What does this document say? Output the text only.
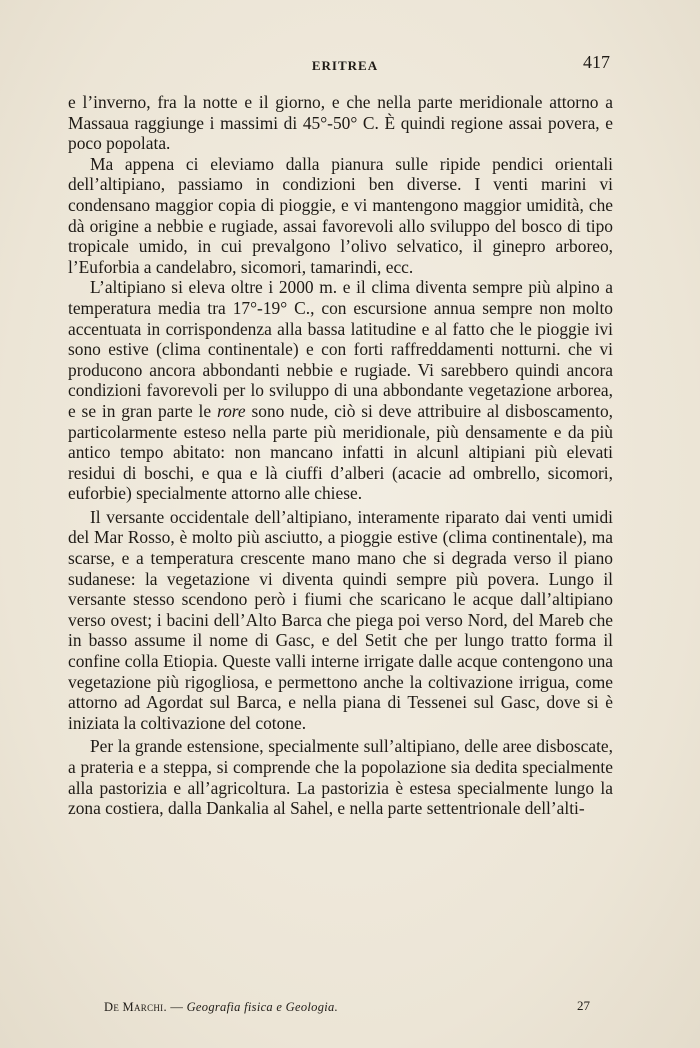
ERITREA	417

e l’inverno, fra la notte e il giorno, e che nella parte meridionale attorno a Massaua raggiunge i massimi di 45°-50° C. È quindi regione assai povera, e poco popolata.

Ma appena ci eleviamo dalla pianura sulle ripide pendici orientali dell’altipiano, passiamo in condizioni ben diverse. I venti marini vi condensano maggior copia di pioggie, e vi mantengono maggior umidità, che dà origine a nebbie e rugiade, assai favorevoli allo sviluppo del bosco di tipo tropicale umido, in cui prevalgono l’olivo selvatico, il ginepro arboreo, l’Euforbia a candelabro, sicomori, tamarindi, ecc.

L’altipiano si eleva oltre i 2000 m. e il clima diventa sempre più alpino a temperatura media tra 17°-19° C., con escursione annua sempre non molto accentuata in corrispondenza alla bassa latitudine e al fatto che le pioggie ivi sono estive (clima continentale) e con forti raffreddamenti notturni. che vi producono ancora abbondanti nebbie e rugiade. Vi sarebbero quindi ancora condizioni favorevoli per lo sviluppo di una abbondante vegetazione arborea, e se in gran parte le rore sono nude, ciò si deve attribuire al disboscamento, particolarmente esteso nella parte più meridionale, più densamente e da più antico tempo abitato: non mancano infatti in alcunl altipiani più elevati residui di boschi, e qua e là ciuffi d’alberi (acacie ad ombrello, sicomori, euforbie) specialmente attorno alle chiese.

Il versante occidentale dell’altipiano, interamente riparato dai venti umidi del Mar Rosso, è molto più asciutto, a pioggie estive (clima continentale), ma scarse, e a temperatura crescente mano mano che si degrada verso il piano sudanese: la vegetazione vi diventa quindi sempre più povera. Lungo il versante stesso scendono però i fiumi che scaricano le acque dall’altipiano verso ovest; i bacini dell’Alto Barca che piega poi verso Nord, del Mareb che in basso assume il nome di Gasc, e del Setit che per lungo tratto forma il confine colla Etiopia. Queste valli interne irrigate dalle acque contengono una vegetazione più rigogliosa, e permettono anche la coltivazione irrigua, come attorno ad Agordat sul Barca, e nella piana di Tessenei sul Gasc, dove si è iniziata la coltivazione del cotone.

Per la grande estensione, specialmente sull’altipiano, delle aree disboscate, a prateria e a steppa, si comprende che la popolazione sia dedita specialmente alla pastorizia e all’agricoltura. La pastorizia è estesa specialmente lungo la zona costiera, dalla Dankalia al Sahel, e nella parte settentrionale dell’alti-

De Marchi. — Geografia fisica e Geologia.	27
